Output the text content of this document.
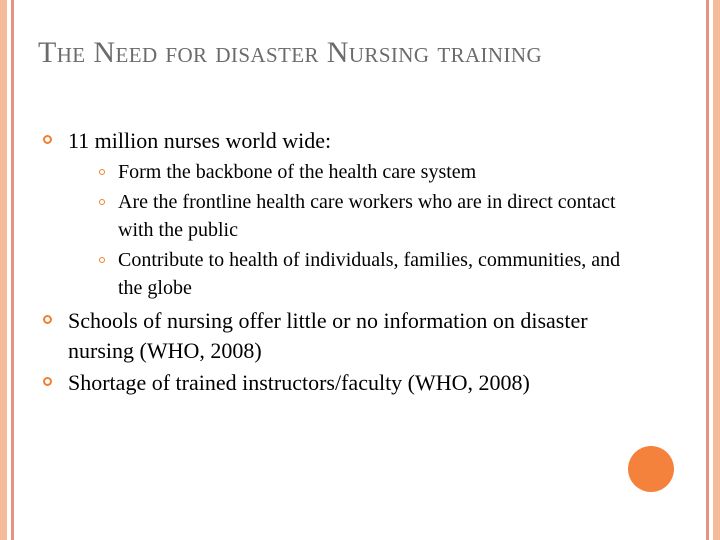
The Need for disaster Nursing training
11 million nurses world wide:
Form the backbone of the health care system
Are the frontline health care workers who are in direct contact with the public
Contribute to health of individuals, families, communities, and the globe
Schools of nursing offer little or no information on disaster nursing (WHO, 2008)
Shortage of trained instructors/faculty (WHO, 2008)
